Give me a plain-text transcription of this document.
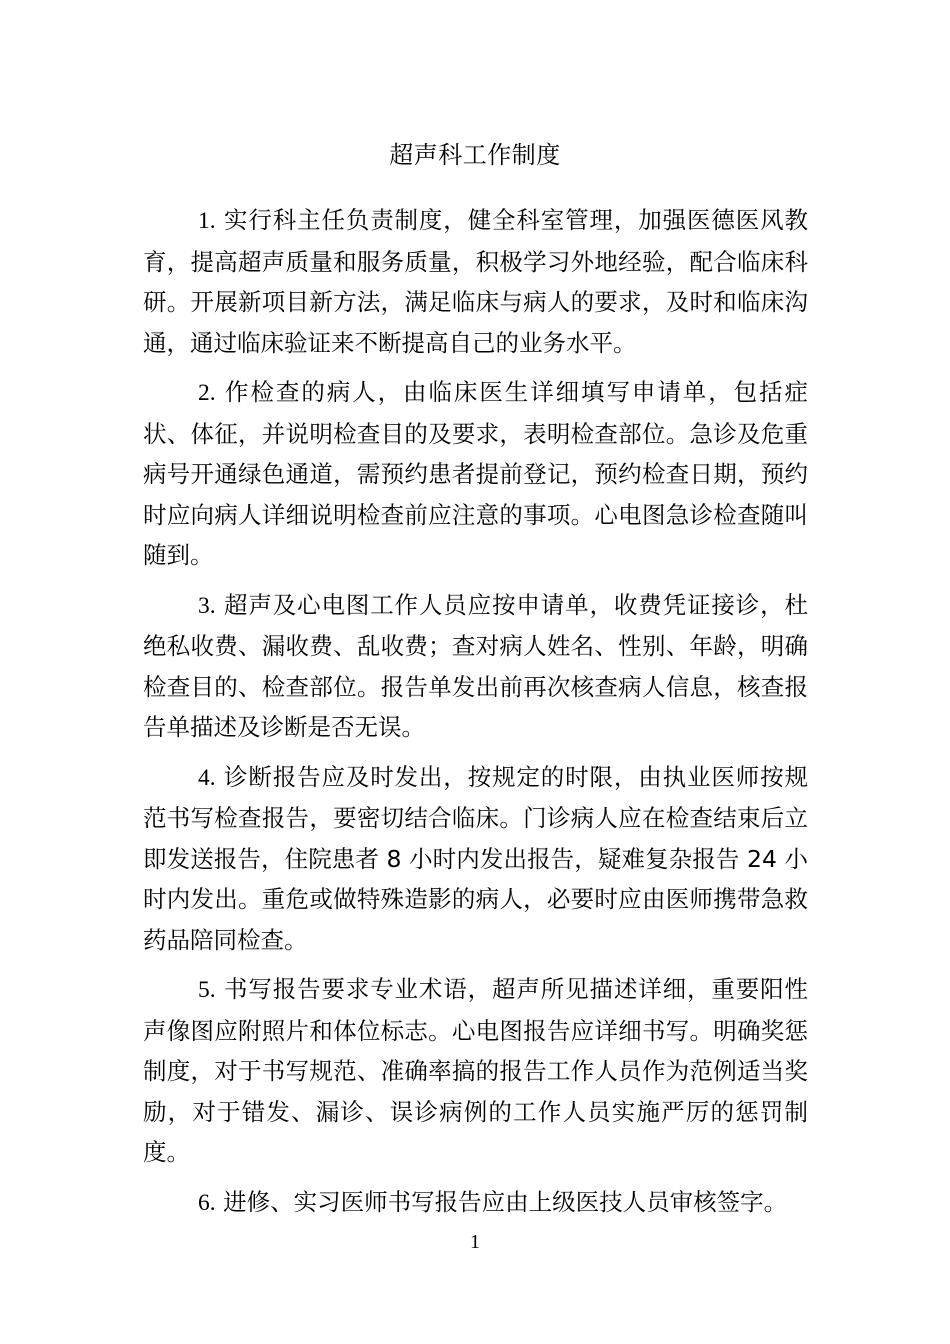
超声科工作制度

1. 实行科主任负责制度，健全科室管理，加强医德医风教育，提高超声质量和服务质量，积极学习外地经验，配合临床科研。开展新项目新方法，满足临床与病人的要求，及时和临床沟通，通过临床验证来不断提高自己的业务水平。

2. 作检查的病人，由临床医生详细填写申请单，包括症状、体征，并说明检查目的及要求，表明检查部位。急诊及危重病号开通绿色通道，需预约患者提前登记，预约检查日期，预约时应向病人详细说明检查前应注意的事项。心电图急诊检查随叫随到。

3. 超声及心电图工作人员应按申请单，收费凭证接诊，杜绝私收费、漏收费、乱收费；查对病人姓名、性别、年龄，明确检查目的、检查部位。报告单发出前再次核查病人信息，核查报告单描述及诊断是否无误。

4. 诊断报告应及时发出，按规定的时限，由执业医师按规范书写检查报告，要密切结合临床。门诊病人应在检查结束后立即发送报告，住院患者 8 小时内发出报告，疑难复杂报告 24 小时内发出。重危或做特殊造影的病人，必要时应由医师携带急救药品陪同检查。

5. 书写报告要求专业术语，超声所见描述详细，重要阳性声像图应附照片和体位标志。心电图报告应详细书写。明确奖惩制度，对于书写规范、准确率搞的报告工作人员作为范例适当奖励，对于错发、漏诊、误诊病例的工作人员实施严厉的惩罚制度。

6. 进修、实习医师书写报告应由上级医技人员审核签字。

1
